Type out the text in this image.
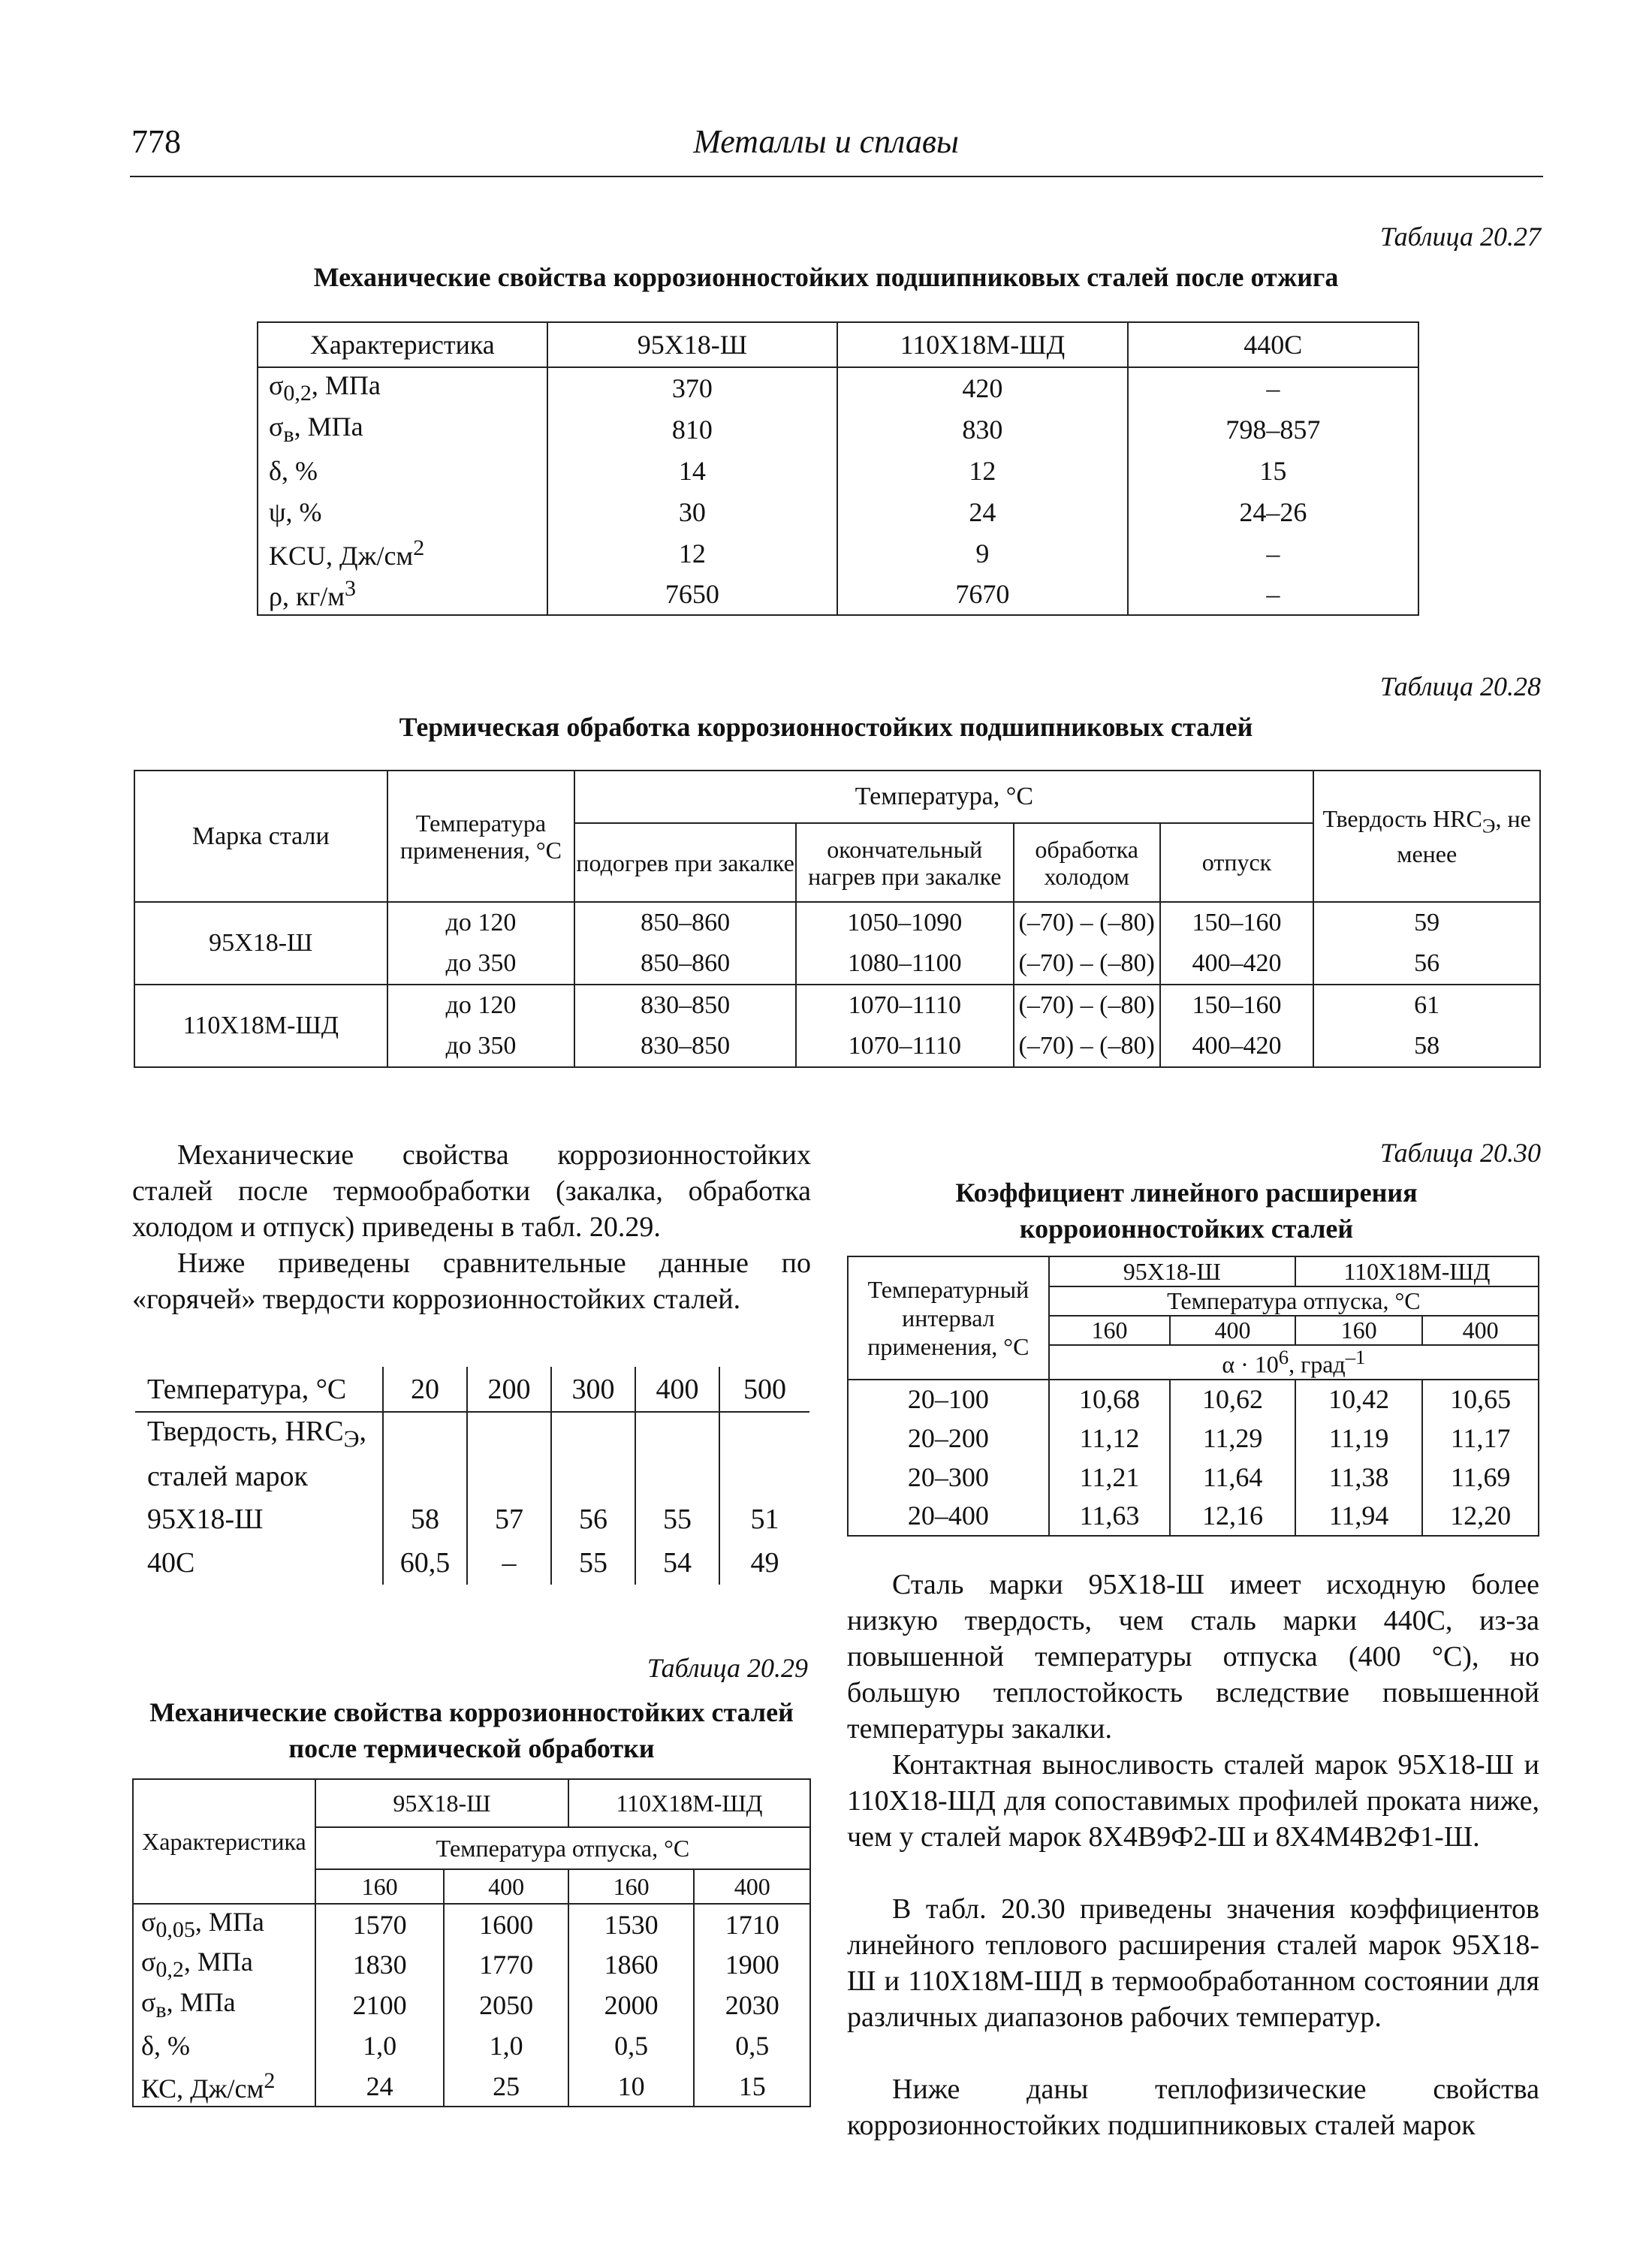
778	Металлы и сплавы
Таблица 20.27
Механические свойства коррозионностойких подшипниковых сталей после отжига
Характеристика	95Х18-Ш	110Х18М-ШД	440С
$\sigma_{0,2}$, МПа	370	420	–
$\sigma_в$, МПа	810	830	798–857
δ, %	14	12	15
ψ, %	30	24	24–26
KCU, $Дж/см^2$	12	9	–
ρ, $кг/м^3$	7650	7670	–
Таблица 20.28
Термическая обработка коррозионностойких подшипниковых сталей
Марка стали	Температура применения, °С	Температура, °С				Твердость $HRC_Э$, не менее
		подогрев при закалке	окончательный нагрев при закалке	обработка холодом	отпуск	
95Х18-Ш	до 120	850–860	1050–1090	(–70) – (–80)	150–160	59
	до 350	850–860	1080–1100	(–70) – (–80)	400–420	56
110Х18М-ШД	до 120	830–850	1070–1110	(–70) – (–80)	150–160	61
	до 350	830–850	1070–1110	(–70) – (–80)	400–420	58
Механические свойства коррозионностойких сталей после термообработки (закалка, обработка холодом и отпуск) приведены в табл. 20.29.
Ниже приведены сравнительные данные по «горячей» твердости коррозионностойких сталей.
Температура, °С	20	200	300	400	500
Твердость, $HRC_Э$,					
сталей марок					
95Х18-Ш	58	57	56	55	51
40С	60,5	–	55	54	49
Таблица 20.29
Механические свойства коррозионностойких сталей после термической обработки
Характеристика	95Х18-Ш		110Х18М-ШД	
	Температура отпуска, °С			
	160	400	160	400
$\sigma_{0,05}$, МПа	1570	1600	1530	1710
$\sigma_{0,2}$, МПа	1830	1770	1860	1900
$\sigma_в$, МПа	2100	2050	2000	2030
δ, %	1,0	1,0	0,5	0,5
КС, $Дж/см^2$	24	25	10	15
Таблица 20.30
Коэффициент линейного расширения корроионностойких сталей
Температурный интервал применения, °С	95Х18-Ш		110Х18М-ШД	
	Температура отпуска, °С			
	160	400	160	400
	$\alpha \cdot 10^6$, град$^{-1}$
20–100	10,68	10,62	10,42	10,65
20–200	11,12	11,29	11,19	11,17
20–300	11,21	11,64	11,38	11,69
20–400	11,63	12,16	11,94	12,20
Сталь марки 95Х18-Ш имеет исходную более низкую твердость, чем сталь марки 440С, из-за повышенной температуры отпуска (400 °С), но большую теплостойкость вследствие повышенной температуры закалки.
Контактная выносливость сталей марок 95Х18-Ш и 110Х18-ШД для сопоставимых профилей проката ниже, чем у сталей марок 8Х4В9Ф2-Ш и 8Х4М4В2Ф1-Ш.
В табл. 20.30 приведены значения коэффициентов линейного теплового расширения сталей марок 95Х18-Ш и 110Х18М-ШД в термообработанном состоянии для различных диапазонов рабочих температур.
Ниже даны теплофизические свойства коррозионностойких подшипниковых сталей марок
